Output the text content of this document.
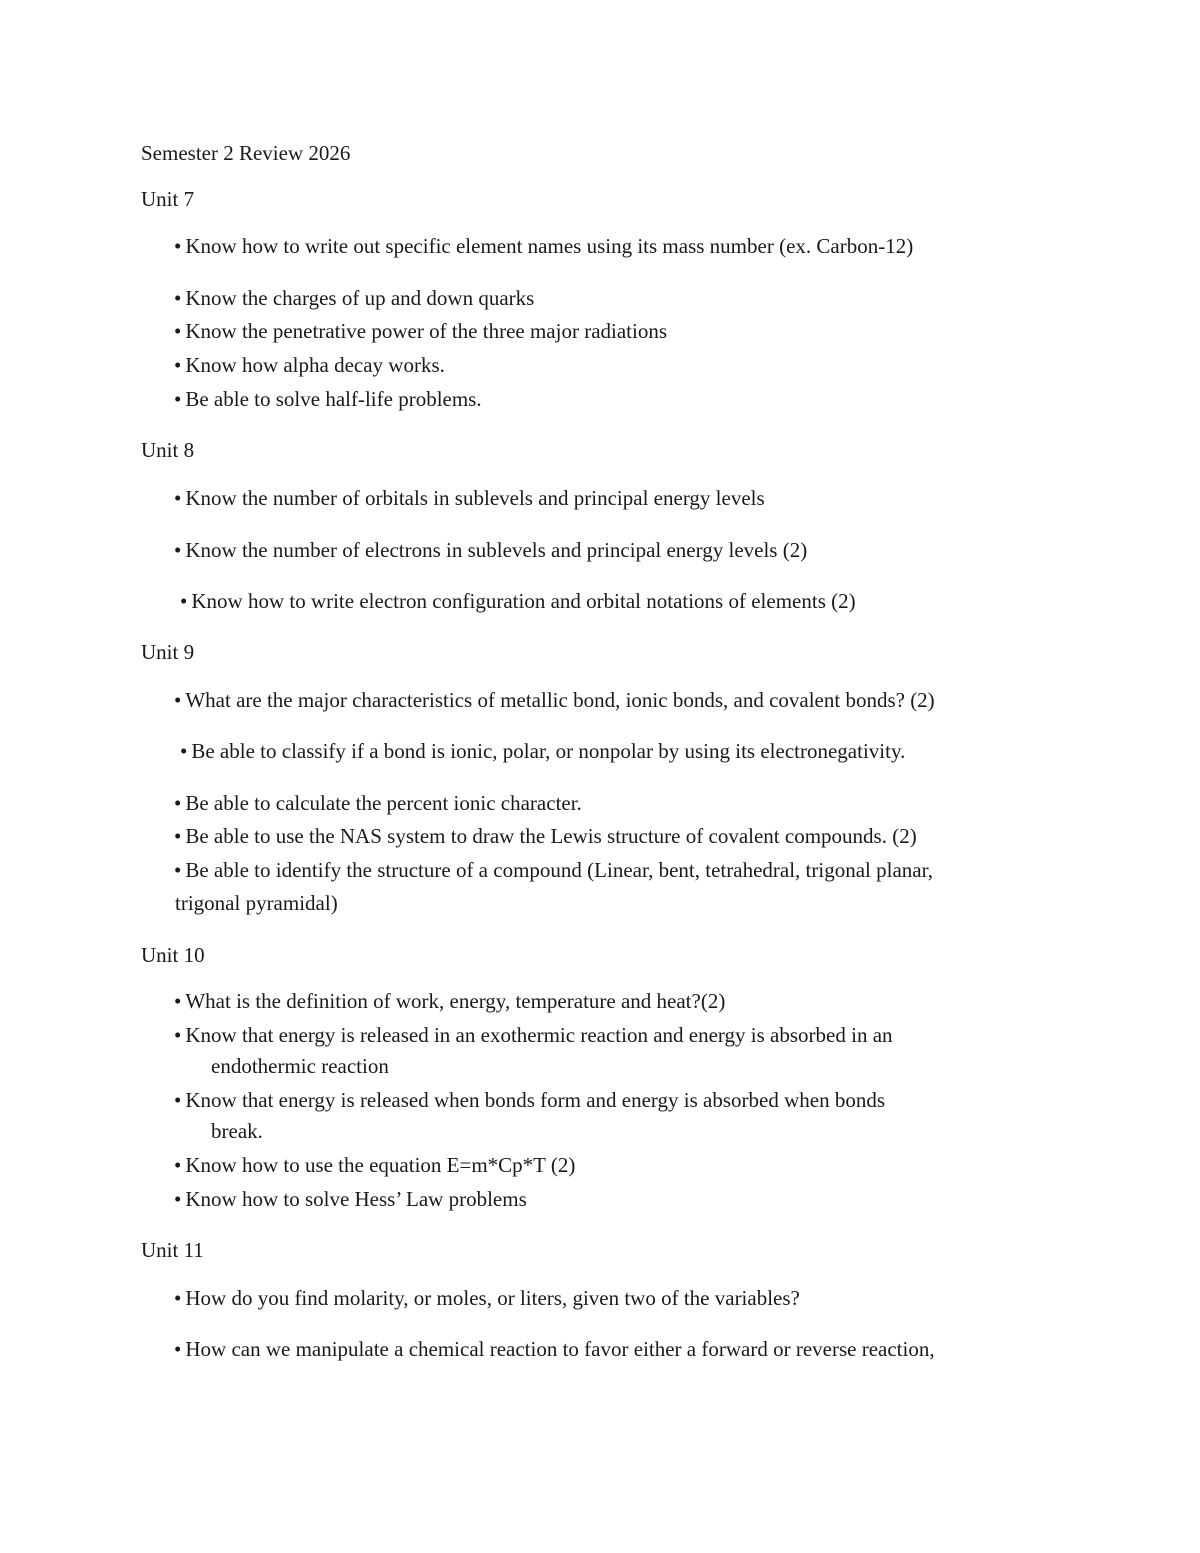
Semester 2 Review 2026
Unit 7
• Know how to write out specific element names using its mass number (ex. Carbon-12)
• Know the charges of up and down quarks
• Know the penetrative power of the three major radiations
• Know how alpha decay works.
• Be able to solve half-life problems.
Unit 8
• Know the number of orbitals in sublevels and principal energy levels
• Know the number of electrons in sublevels and principal energy levels (2)
• Know how to write electron configuration and orbital notations of elements (2)
Unit 9
• What are the major characteristics of metallic bond, ionic bonds, and covalent bonds? (2)
• Be able to classify if a bond is ionic, polar, or nonpolar by using its electronegativity.
• Be able to calculate the percent ionic character.
• Be able to use the NAS system to draw the Lewis structure of covalent compounds. (2)
• Be able to identify the structure of a compound (Linear, bent, tetrahedral, trigonal planar,
trigonal pyramidal)
Unit 10
• What is the definition of work, energy, temperature and heat?(2)
• Know that energy is released in an exothermic reaction and energy is absorbed in an
endothermic reaction
• Know that energy is released when bonds form and energy is absorbed when bonds
break.
• Know how to use the equation E=m*Cp*T (2)
• Know how to solve Hess’ Law problems
Unit 11
• How do you find molarity, or moles, or liters, given two of the variables?
• How can we manipulate a chemical reaction to favor either a forward or reverse reaction,
